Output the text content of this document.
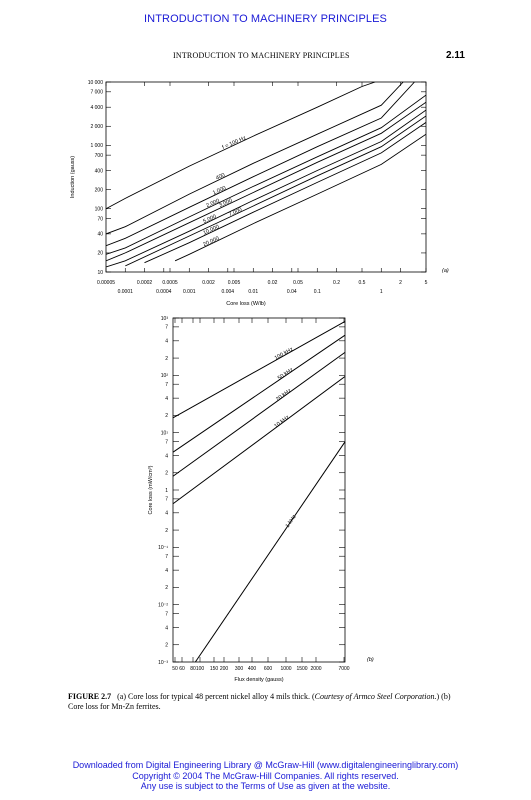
INTRODUCTION TO MACHINERY PRINCIPLES
INTRODUCTION TO MACHINERY PRINCIPLES	2.11
10 000
7 000
4 000
2 000
1 000
700
400
200
100
70
40
20
10
0.00005	0.0002 0.0005	0.002	0.005	0.02	0.05	0.2	0.5	2	5
0.0001	0.0004 0.001	0.004	0.01	0.04	0.1	1
Core loss (W/lb)
Induction (gauss)
(a)
f = 100 Hz
400
1,000
2,000
3,000
5,000
7,000
10,000
20,000
10³
7
4
2
10²
7
4
2
10¹
7
4
2
1
7
4
2
10⁻¹
7
4
2
10⁻²
7
4
2
10⁻³
50 60 80 100 150 200 300 400 600 1000 1500 2000	7000
Flux density (gauss)
Core loss (mW/cm³)
(b)
100 kHz
50 kHz
20 kHz
10 kHz
1 kHz
FIGURE 2.7 (a) Core loss for typical 48 percent nickel alloy 4 mils thick. (Courtesy of Armco Steel Corporation.) (b) Core loss for Mn-Zn ferrites.
Downloaded from Digital Engineering Library @ McGraw-Hill (www.digitalengineeringlibrary.com)
Copyright © 2004 The McGraw-Hill Companies. All rights reserved.
Any use is subject to the Terms of Use as given at the website.
